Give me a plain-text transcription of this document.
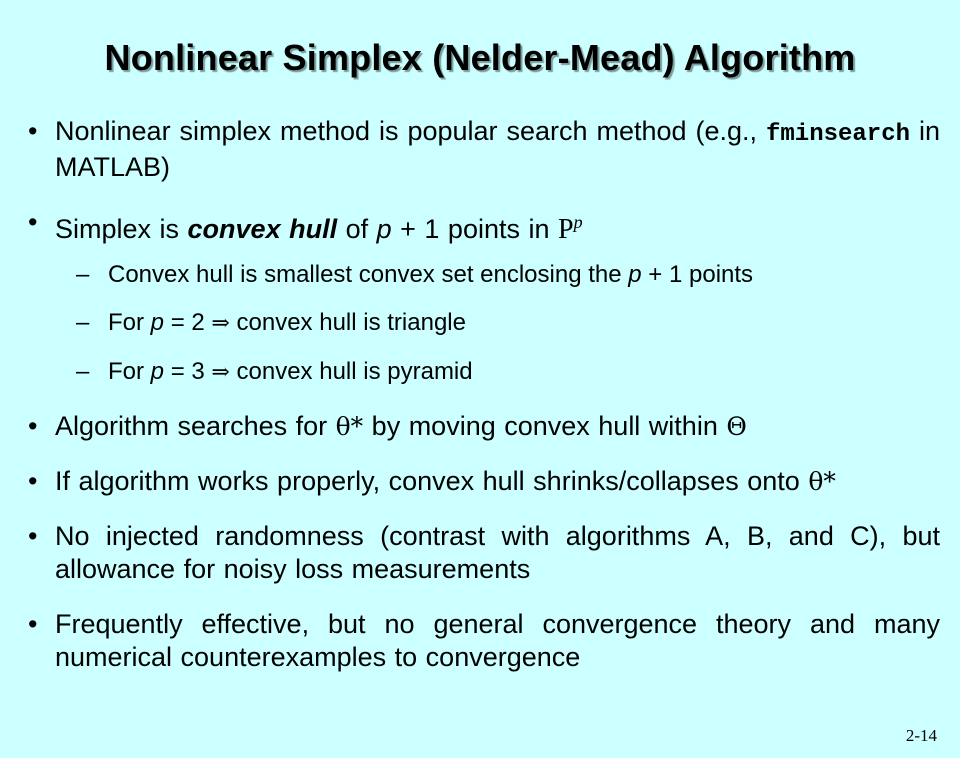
Nonlinear Simplex (Nelder-Mead) Algorithm
• Nonlinear simplex method is popular search method (e.g., fminsearch in MATLAB)
• Simplex is convex hull of p + 1 points in $P^p$
– Convex hull is smallest convex set enclosing the p + 1 points
– For p = 2 ⇒ convex hull is triangle
– For p = 3 ⇒ convex hull is pyramid
• Algorithm searches for θ* by moving convex hull within Θ
• If algorithm works properly, convex hull shrinks/collapses onto θ*
• No injected randomness (contrast with algorithms A, B, and C), but allowance for noisy loss measurements
• Frequently effective, but no general convergence theory and many numerical counterexamples to convergence
2-14
